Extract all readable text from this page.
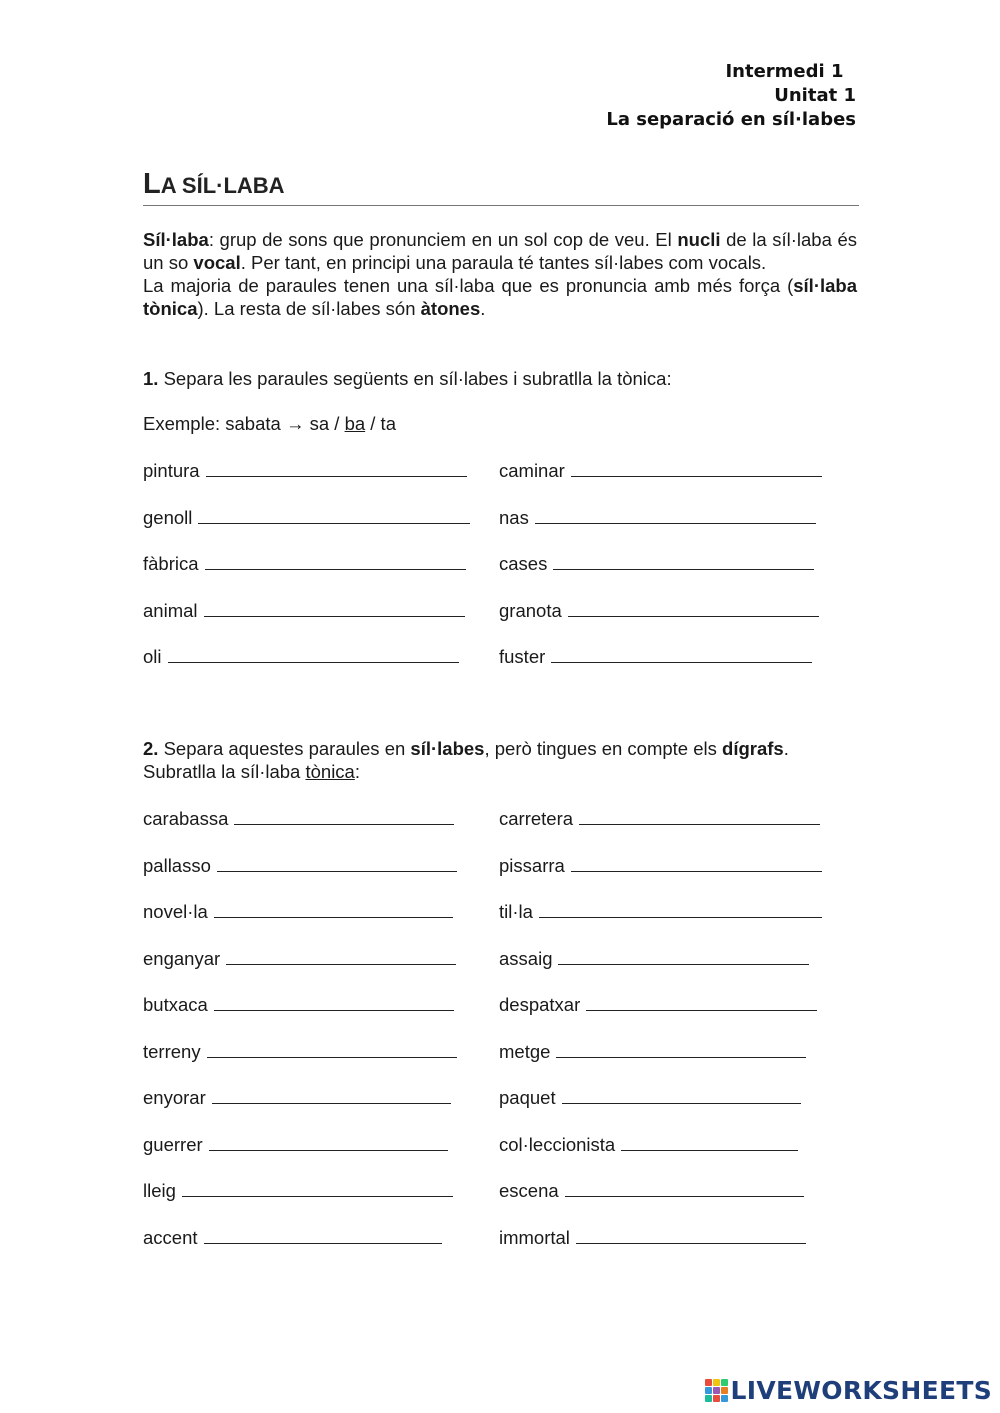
Intermedi 1
Unitat 1
La separació en síl·labes
LA SÍL·LABA
Síl·laba: grup de sons que pronunciem en un sol cop de veu. El nucli de la síl·laba és un so vocal. Per tant, en principi una paraula té tantes síl·labes com vocals.
La majoria de paraules tenen una síl·laba que es pronuncia amb més força (síl·laba tònica). La resta de síl·labes són àtones.
1. Separa les paraules següents en síl·labes i subratlla la tònica:
Exemple: sabata → sa / ba / ta
pintura	caminar
genoll	nas
fàbrica	cases
animal	granota
oli	fuster
2. Separa aquestes paraules en síl·labes, però tingues en compte els dígrafs.
Subratlla la síl·laba tònica:
carabassa	carretera
pallasso	pissarra
novel·la	til·la
enganyar	assaig
butxaca	despatxar
terreny	metge
enyorar	paquet
guerrer	col·leccionista
lleig	escena
accent	immortal
LIVEWORKSHEETS
